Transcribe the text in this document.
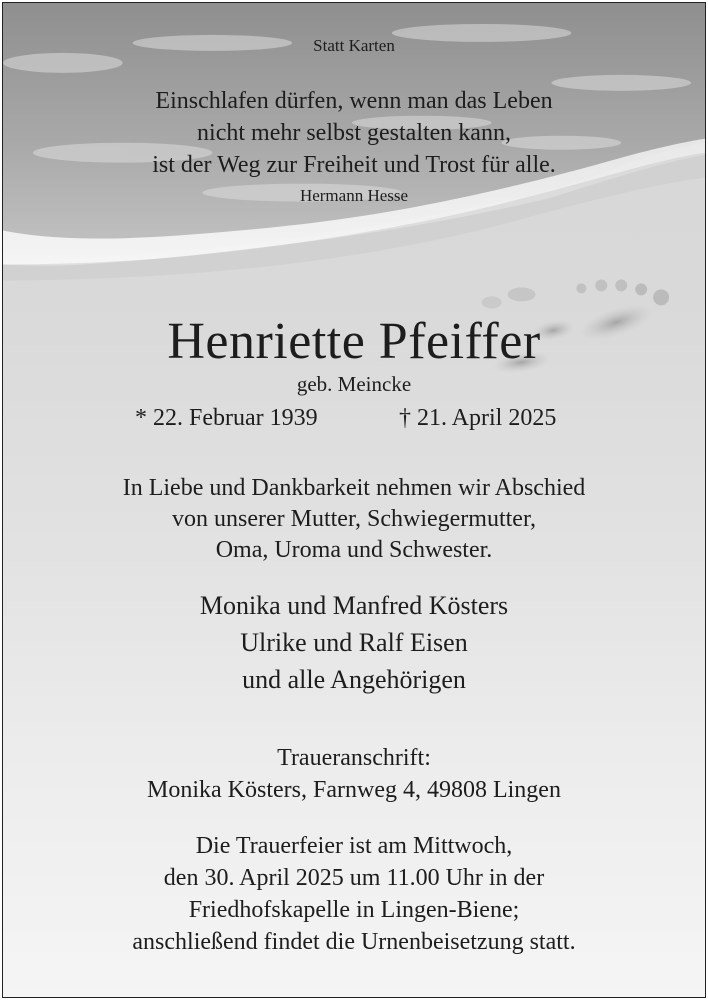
Statt Karten

Einschlafen dürfen, wenn man das Leben

nicht mehr selbst gestalten kann,

ist der Weg zur Freiheit und Trost für alle.

Hermann Hesse

Henriette Pfeiffer

geb. Meincke

* 22. Februar 1939	† 21. April 2025

In Liebe und Dankbarkeit nehmen wir Abschied

von unserer Mutter, Schwiegermutter,

Oma, Uroma und Schwester.

Monika und Manfred Kösters

Ulrike und Ralf Eisen

und alle Angehörigen

Traueranschrift:

Monika Kösters, Farnweg 4, 49808 Lingen

Die Trauerfeier ist am Mittwoch,

den 30. April 2025 um 11.00 Uhr in der

Friedhofskapelle in Lingen-Biene;

anschließend findet die Urnenbeisetzung statt.
